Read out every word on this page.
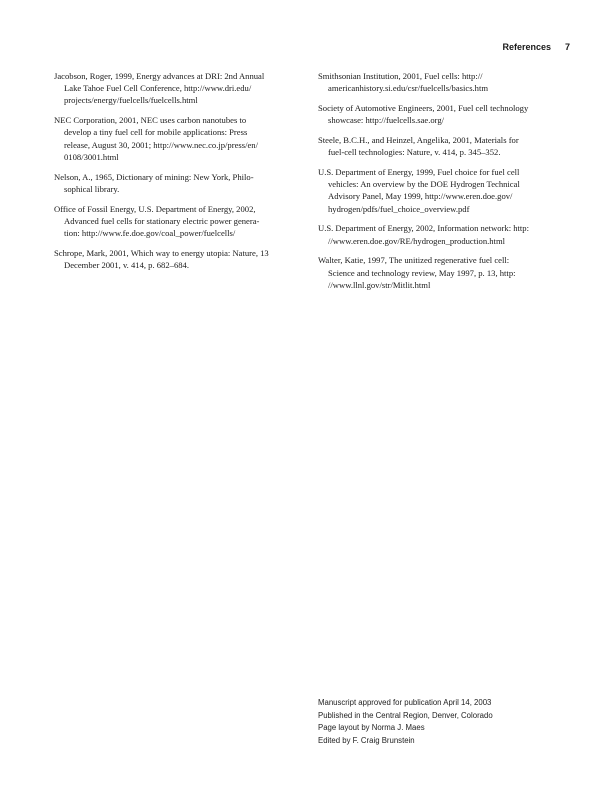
References 7

Jacobson, Roger, 1999, Energy advances at DRI: 2nd Annual
Lake Tahoe Fuel Cell Conference, http://www.dri.edu/
projects/energy/fuelcells/fuelcells.html

NEC Corporation, 2001, NEC uses carbon nanotubes to
develop a tiny fuel cell for mobile applications: Press
release, August 30, 2001; http://www.nec.co.jp/press/en/
0108/3001.html

Nelson, A., 1965, Dictionary of mining: New York, Philo-
sophical library.

Office of Fossil Energy, U.S. Department of Energy, 2002,
Advanced fuel cells for stationary electric power genera-
tion: http://www.fe.doe.gov/coal_power/fuelcells/

Schrope, Mark, 2001, Which way to energy utopia: Nature, 13
December 2001, v. 414, p. 682–684.

Smithsonian Institution, 2001, Fuel cells: http://
americanhistory.si.edu/csr/fuelcells/basics.htm

Society of Automotive Engineers, 2001, Fuel cell technology
showcase: http://fuelcells.sae.org/

Steele, B.C.H., and Heinzel, Angelika, 2001, Materials for
fuel-cell technologies: Nature, v. 414, p. 345–352.

U.S. Department of Energy, 1999, Fuel choice for fuel cell
vehicles: An overview by the DOE Hydrogen Technical
Advisory Panel, May 1999, http://www.eren.doe.gov/
hydrogen/pdfs/fuel_choice_overview.pdf

U.S. Department of Energy, 2002, Information network: http:
//www.eren.doe.gov/RE/hydrogen_production.html

Walter, Katie, 1997, The unitized regenerative fuel cell:
Science and technology review, May 1997, p. 13, http:
//www.llnl.gov/str/Mitlit.html

Manuscript approved for publication April 14, 2003
Published in the Central Region, Denver, Colorado
Page layout by Norma J. Maes
Edited by F. Craig Brunstein
